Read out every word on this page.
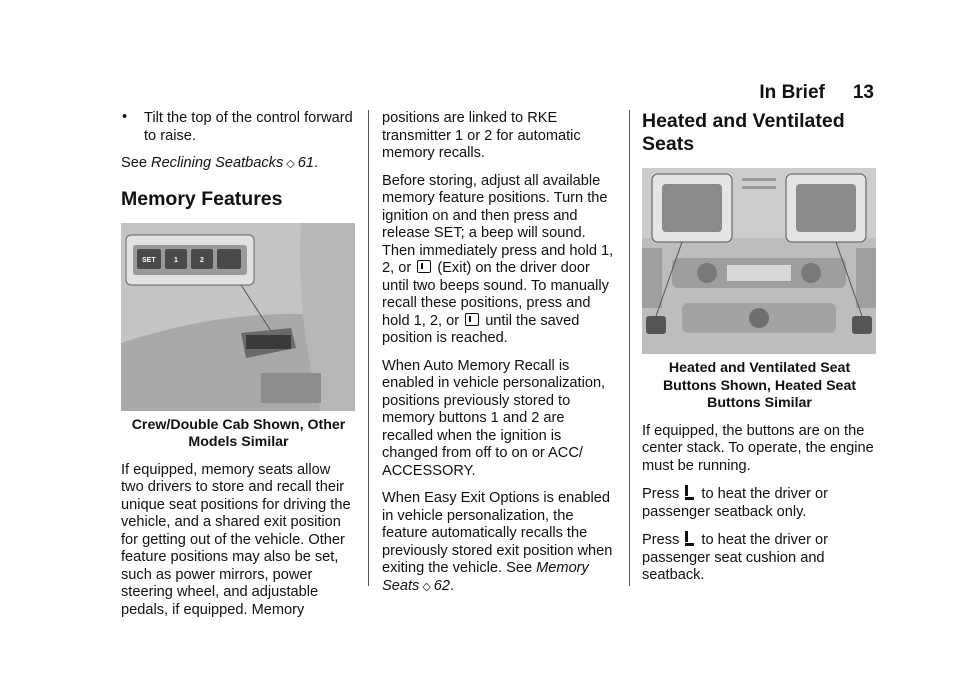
In Brief 13

• Tilt the top of the control forward to raise.

See Reclining Seatbacks ◇ 61.

Memory Features
SET	1	2
Crew/Double Cab Shown, Other Models Similar

If equipped, memory seats allow two drivers to store and recall their unique seat positions for driving the vehicle, and a shared exit position for getting out of the vehicle. Other feature positions may also be set, such as power mirrors, power steering wheel, and adjustable pedals, if equipped. Memory

positions are linked to RKE transmitter 1 or 2 for automatic memory recalls.

Before storing, adjust all available memory feature positions. Turn the ignition on and then press and release SET; a beep will sound. Then immediately press and hold 1, 2, or  (Exit) on the driver door until two beeps sound. To manually recall these positions, press and hold 1, 2, or  until the saved position is reached.

When Auto Memory Recall is enabled in vehicle personalization, positions previously stored to memory buttons 1 and 2 are recalled when the ignition is changed from off to on or ACC/ ACCESSORY.

When Easy Exit Options is enabled in vehicle personalization, the feature automatically recalls the previously stored exit position when exiting the vehicle. See Memory Seats ◇ 62.

Heated and Ventilated Seats
Heated and Ventilated Seat Buttons Shown, Heated Seat Buttons Similar

If equipped, the buttons are on the center stack. To operate, the engine must be running.

Press  to heat the driver or passenger seatback only.

Press  to heat the driver or passenger seat cushion and seatback.
